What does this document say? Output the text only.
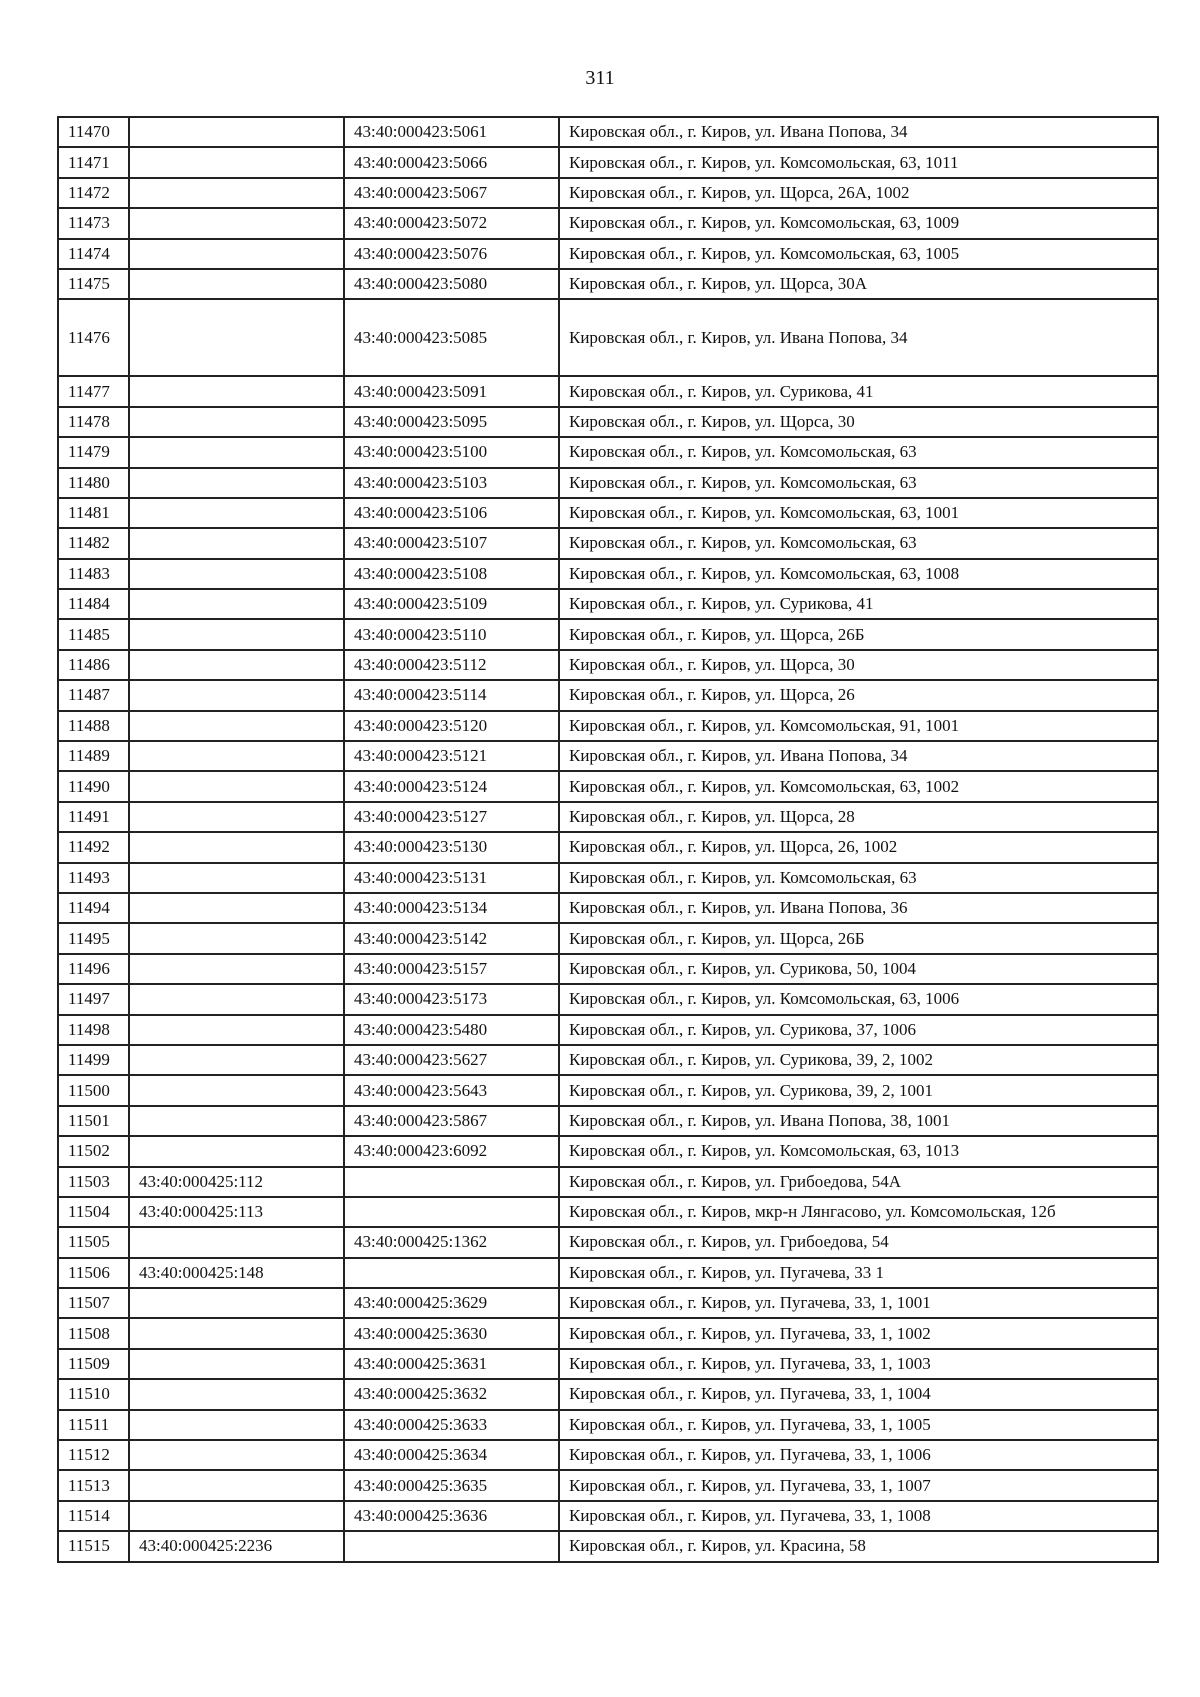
311
11470		43:40:000423:5061	Кировская обл., г. Киров, ул. Ивана Попова, 34
11471		43:40:000423:5066	Кировская обл., г. Киров, ул. Комсомольская, 63, 1011
11472		43:40:000423:5067	Кировская обл., г. Киров, ул. Щорса, 26А, 1002
11473		43:40:000423:5072	Кировская обл., г. Киров, ул. Комсомольская, 63, 1009
11474		43:40:000423:5076	Кировская обл., г. Киров, ул. Комсомольская, 63, 1005
11475		43:40:000423:5080	Кировская обл., г. Киров, ул. Щорса, 30А
11476		43:40:000423:5085	Кировская обл., г. Киров, ул. Ивана Попова, 34
11477		43:40:000423:5091	Кировская обл., г. Киров, ул. Сурикова, 41
11478		43:40:000423:5095	Кировская обл., г. Киров, ул. Щорса, 30
11479		43:40:000423:5100	Кировская обл., г. Киров, ул. Комсомольская, 63
11480		43:40:000423:5103	Кировская обл., г. Киров, ул. Комсомольская, 63
11481		43:40:000423:5106	Кировская обл., г. Киров, ул. Комсомольская, 63, 1001
11482		43:40:000423:5107	Кировская обл., г. Киров, ул. Комсомольская, 63
11483		43:40:000423:5108	Кировская обл., г. Киров, ул. Комсомольская, 63, 1008
11484		43:40:000423:5109	Кировская обл., г. Киров, ул. Сурикова, 41
11485		43:40:000423:5110	Кировская обл., г. Киров, ул. Щорса, 26Б
11486		43:40:000423:5112	Кировская обл., г. Киров, ул. Щорса, 30
11487		43:40:000423:5114	Кировская обл., г. Киров, ул. Щорса, 26
11488		43:40:000423:5120	Кировская обл., г. Киров, ул. Комсомольская, 91, 1001
11489		43:40:000423:5121	Кировская обл., г. Киров, ул. Ивана Попова, 34
11490		43:40:000423:5124	Кировская обл., г. Киров, ул. Комсомольская, 63, 1002
11491		43:40:000423:5127	Кировская обл., г. Киров, ул. Щорса, 28
11492		43:40:000423:5130	Кировская обл., г. Киров, ул. Щорса, 26, 1002
11493		43:40:000423:5131	Кировская обл., г. Киров, ул. Комсомольская, 63
11494		43:40:000423:5134	Кировская обл., г. Киров, ул. Ивана Попова, 36
11495		43:40:000423:5142	Кировская обл., г. Киров, ул. Щорса, 26Б
11496		43:40:000423:5157	Кировская обл., г. Киров, ул. Сурикова, 50, 1004
11497		43:40:000423:5173	Кировская обл., г. Киров, ул. Комсомольская, 63, 1006
11498		43:40:000423:5480	Кировская обл., г. Киров, ул. Сурикова, 37, 1006
11499		43:40:000423:5627	Кировская обл., г. Киров, ул. Сурикова, 39, 2, 1002
11500		43:40:000423:5643	Кировская обл., г. Киров, ул. Сурикова, 39, 2, 1001
11501		43:40:000423:5867	Кировская обл., г. Киров, ул. Ивана Попова, 38, 1001
11502		43:40:000423:6092	Кировская обл., г. Киров, ул. Комсомольская, 63, 1013
11503	43:40:000425:112		Кировская обл., г. Киров, ул. Грибоедова, 54А
11504	43:40:000425:113		Кировская обл., г. Киров, мкр-н Лянгасово, ул. Комсомольская, 12б
11505		43:40:000425:1362	Кировская обл., г. Киров, ул. Грибоедова, 54
11506	43:40:000425:148		Кировская обл., г. Киров, ул. Пугачева, 33 1
11507		43:40:000425:3629	Кировская обл., г. Киров, ул. Пугачева, 33, 1, 1001
11508		43:40:000425:3630	Кировская обл., г. Киров, ул. Пугачева, 33, 1, 1002
11509		43:40:000425:3631	Кировская обл., г. Киров, ул. Пугачева, 33, 1, 1003
11510		43:40:000425:3632	Кировская обл., г. Киров, ул. Пугачева, 33, 1, 1004
11511		43:40:000425:3633	Кировская обл., г. Киров, ул. Пугачева, 33, 1, 1005
11512		43:40:000425:3634	Кировская обл., г. Киров, ул. Пугачева, 33, 1, 1006
11513		43:40:000425:3635	Кировская обл., г. Киров, ул. Пугачева, 33, 1, 1007
11514		43:40:000425:3636	Кировская обл., г. Киров, ул. Пугачева, 33, 1, 1008
11515	43:40:000425:2236		Кировская обл., г. Киров, ул. Красина, 58
